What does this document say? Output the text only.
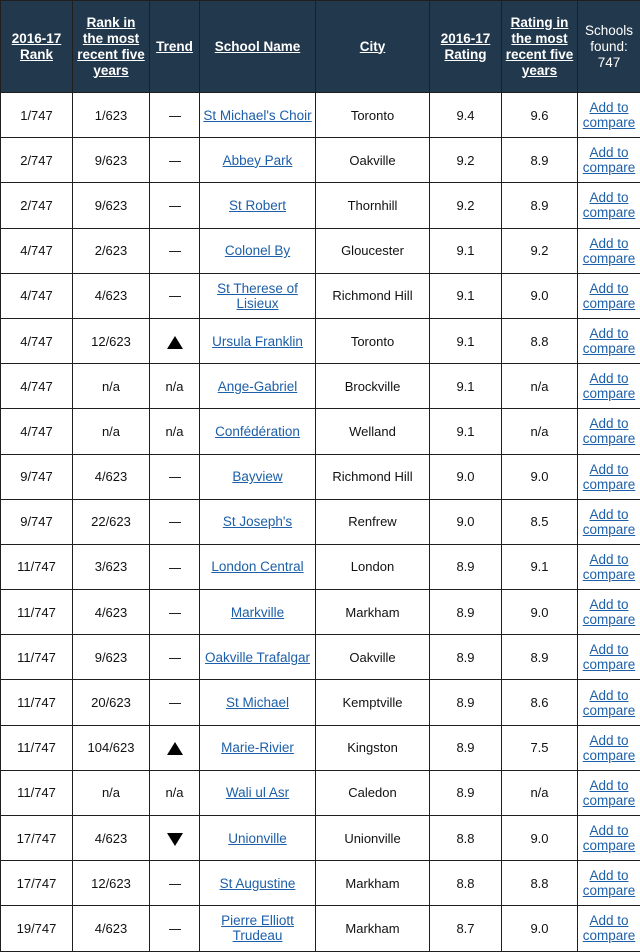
2016-17 Rank	Rank in the most recent five years	Trend	School Name	City	2016-17 Rating	Rating in the most recent five years	Schools found: 747
1/747	1/623		St Michael's Choir	Toronto	9.4	9.6	Add to compare
2/747	9/623		Abbey Park	Oakville	9.2	8.9	Add to compare
2/747	9/623		St Robert	Thornhill	9.2	8.9	Add to compare
4/747	2/623		Colonel By	Gloucester	9.1	9.2	Add to compare
4/747	4/623		St Therese of Lisieux	Richmond Hill	9.1	9.0	Add to compare
4/747	12/623		Ursula Franklin	Toronto	9.1	8.8	Add to compare
4/747	n/a	n/a	Ange-Gabriel	Brockville	9.1	n/a	Add to compare
4/747	n/a	n/a	Confédération	Welland	9.1	n/a	Add to compare
9/747	4/623		Bayview	Richmond Hill	9.0	9.0	Add to compare
9/747	22/623		St Joseph's	Renfrew	9.0	8.5	Add to compare
11/747	3/623		London Central	London	8.9	9.1	Add to compare
11/747	4/623		Markville	Markham	8.9	9.0	Add to compare
11/747	9/623		Oakville Trafalgar	Oakville	8.9	8.9	Add to compare
11/747	20/623		St Michael	Kemptville	8.9	8.6	Add to compare
11/747	104/623		Marie-Rivier	Kingston	8.9	7.5	Add to compare
11/747	n/a	n/a	Wali ul Asr	Caledon	8.9	n/a	Add to compare
17/747	4/623		Unionville	Unionville	8.8	9.0	Add to compare
17/747	12/623		St Augustine	Markham	8.8	8.8	Add to compare
19/747	4/623		Pierre Elliott Trudeau	Markham	8.7	9.0	Add to compare
